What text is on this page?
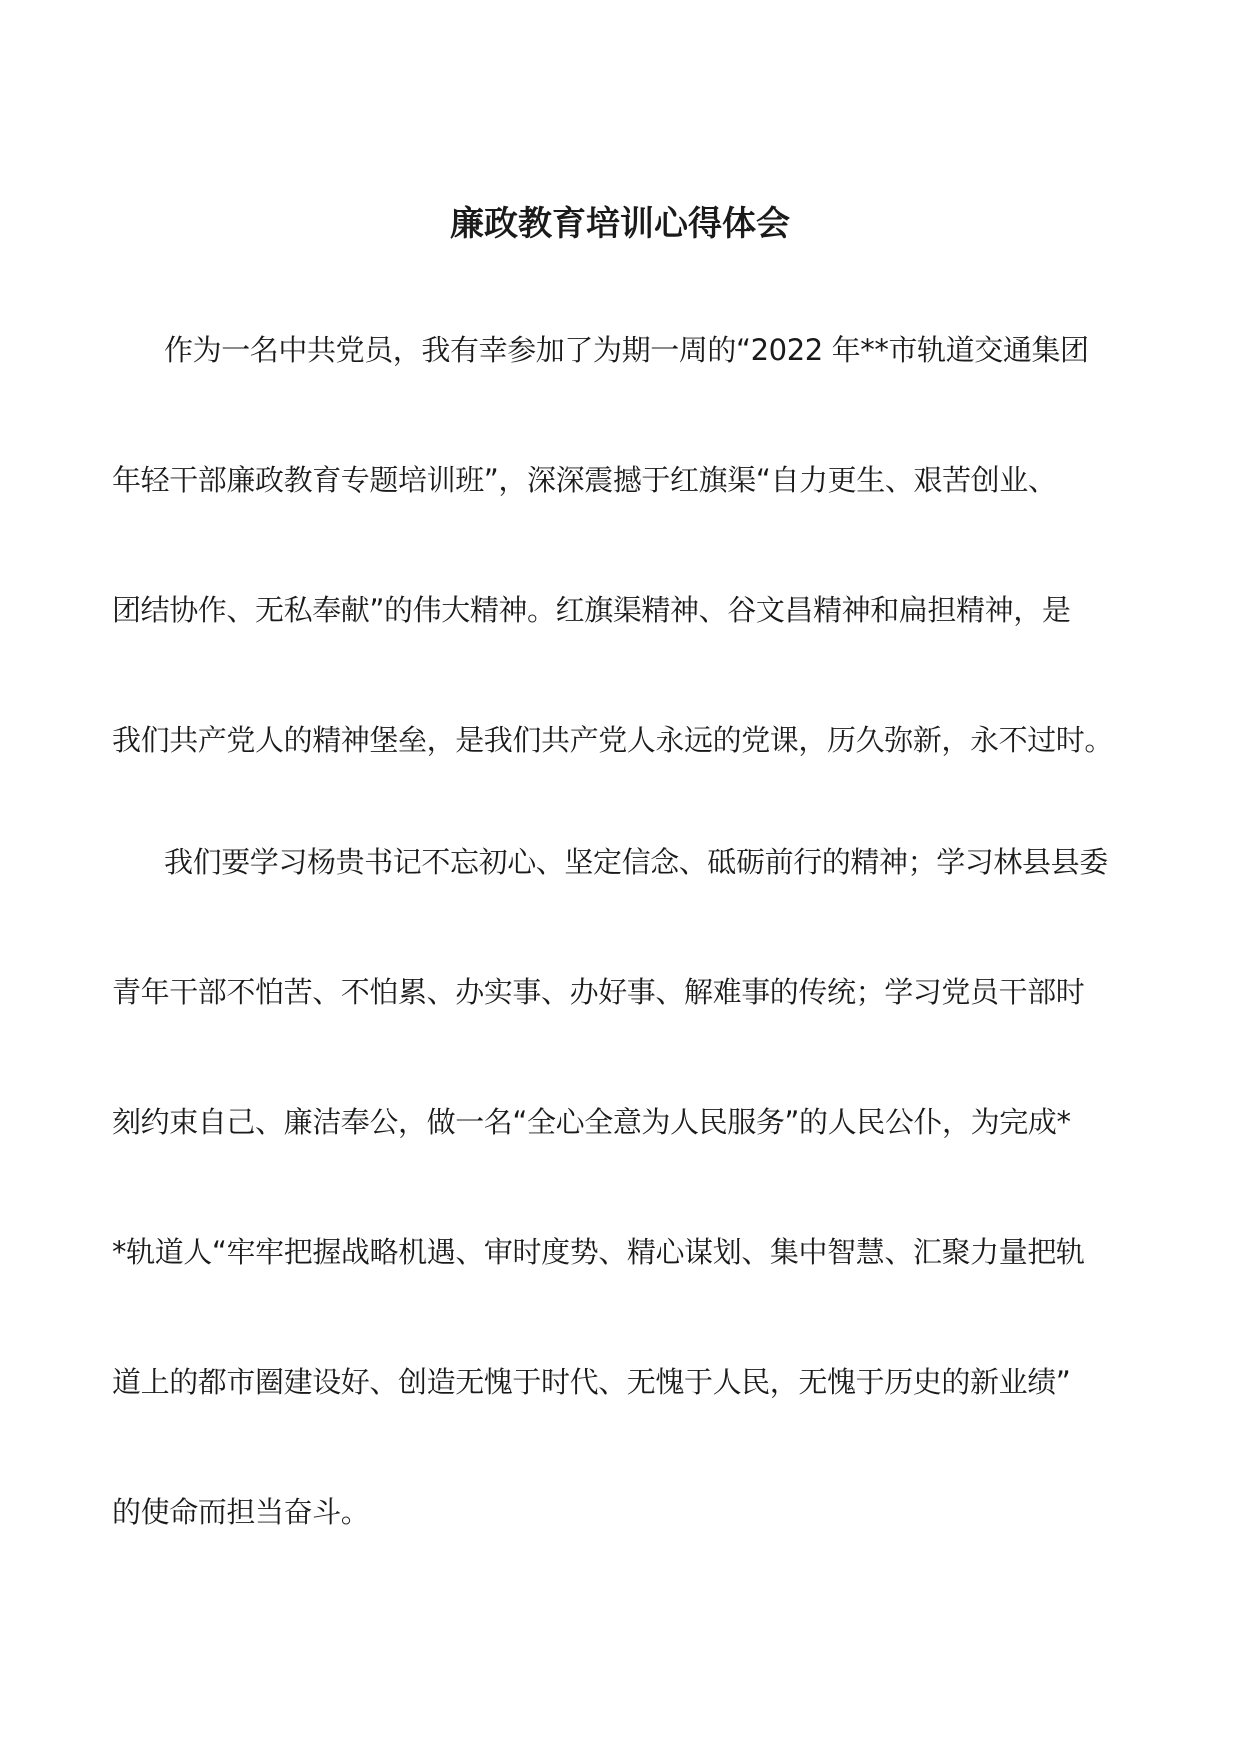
廉政教育培训心得体会
作为一名中共党员，我有幸参加了为期一周的“2022 年**市轨道交通集团
年轻干部廉政教育专题培训班”，深深震撼于红旗渠“自力更生、艰苦创业、
团结协作、无私奉献”的伟大精神。红旗渠精神、谷文昌精神和扁担精神，是
我们共产党人的精神堡垒，是我们共产党人永远的党课，历久弥新，永不过时。
我们要学习杨贵书记不忘初心、坚定信念、砥砺前行的精神；学习林县县委
青年干部不怕苦、不怕累、办实事、办好事、解难事的传统；学习党员干部时
刻约束自己、廉洁奉公，做一名“全心全意为人民服务”的人民公仆，为完成*
*轨道人“牢牢把握战略机遇、审时度势、精心谋划、集中智慧、汇聚力量把轨
道上的都市圈建设好、创造无愧于时代、无愧于人民，无愧于历史的新业绩”
的使命而担当奋斗。
